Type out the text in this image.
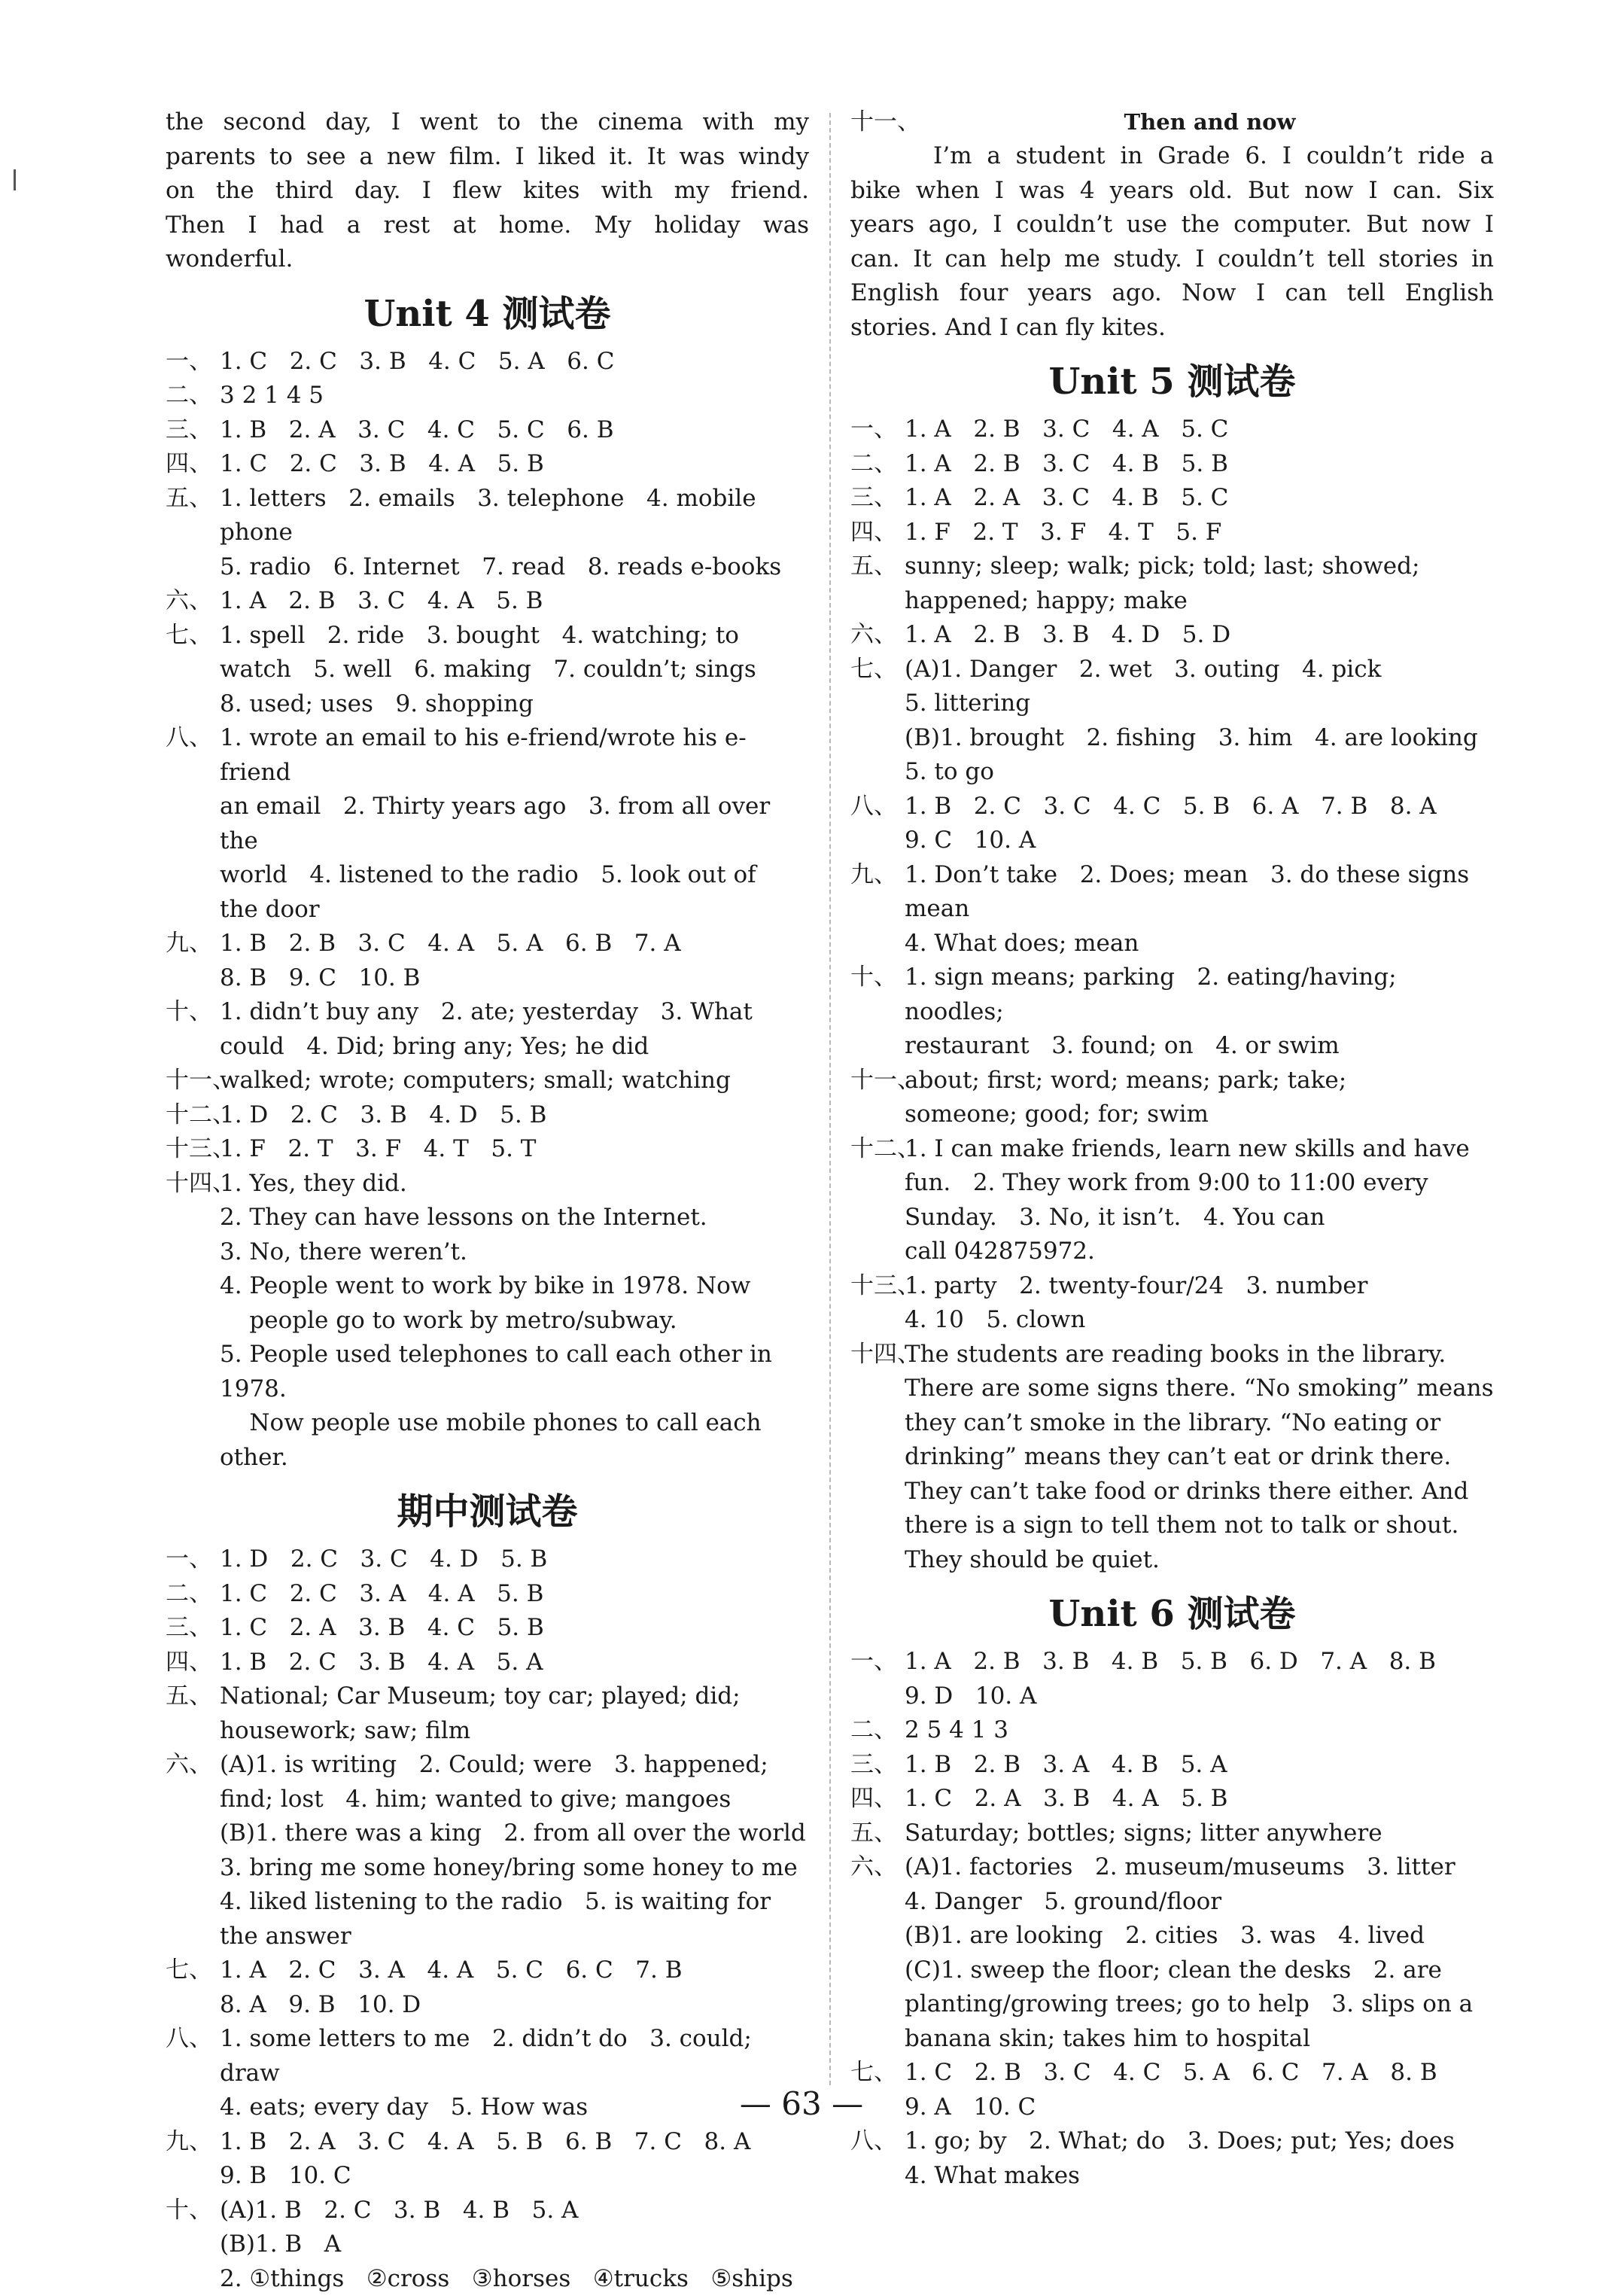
the second day, I went to the cinema with my
parents to see a new film. I liked it. It was windy
on the third day. I flew kites with my friend.
Then I had a rest at home. My holiday was
wonderful.
Unit 4 测试卷
一、 1. C   2. C   3. B   4. C   5. A   6. C
二、 3 2 1 4 5
三、 1. B   2. A   3. C   4. C   5. C   6. B
四、 1. C   2. C   3. B   4. A   5. B
五、 1. letters   2. emails   3. telephone   4. mobile phone
5. radio   6. Internet   7. read   8. reads e-books
六、 1. A   2. B   3. C   4. A   5. B
七、 1. spell   2. ride   3. bought   4. watching; to
watch   5. well   6. making   7. couldn’t; sings
8. used; uses   9. shopping
八、 1. wrote an email to his e-friend/wrote his e-friend
an email   2. Thirty years ago   3. from all over the
world   4. listened to the radio   5. look out of
the door
九、 1. B   2. B   3. C   4. A   5. A   6. B   7. A
8. B   9. C   10. B
十、 1. didn’t buy any   2. ate; yesterday   3. What
could   4. Did; bring any; Yes; he did
十一、
walked; wrote; computers; small; watching
十二、
1. D   2. C   3. B   4. D   5. B
十三、
1. F   2. T   3. F   4. T   5. T
十四、
1. Yes, they did.
2. They can have lessons on the Internet.
3. No, there weren’t.
4. People went to work by bike in 1978. Now
people go to work by metro/subway.
5. People used telephones to call each other in 1978.
Now people use mobile phones to call each other.
期中测试卷
一、 1. D   2. C   3. C   4. D   5. B
二、 1. C   2. C   3. A   4. A   5. B
三、 1. C   2. A   3. B   4. C   5. B
四、 1. B   2. C   3. B   4. A   5. A
五、 National; Car Museum; toy car; played; did;
housework; saw; film
六、 (A)1. is writing   2. Could; were   3. happened;
find; lost   4. him; wanted to give; mangoes
(B)1. there was a king   2. from all over the world
3. bring me some honey/bring some honey to me
4. liked listening to the radio   5. is waiting for
the answer
七、 1. A   2. C   3. A   4. A   5. C   6. C   7. B
8. A   9. B   10. D
八、 1. some letters to me   2. didn’t do   3. could; draw
4. eats; every day   5. How was
九、 1. B   2. A   3. C   4. A   5. B   6. B   7. C   8. A
9. B   10. C
十、 (A)1. B   2. C   3. B   4. B   5. A
(B)1. B   A
2. ①things   ②cross   ③horses   ④trucks   ⑤ships
十一、	Then and now
I’m a student in Grade 6. I couldn’t ride a
bike when I was 4 years old. But now I can. Six
years ago, I couldn’t use the computer. But now I
can. It can help me study. I couldn’t tell stories in
English four years ago. Now I can tell English
stories. And I can fly kites.
Unit 5 测试卷
一、 1. A   2. B   3. C   4. A   5. C
二、 1. A   2. B   3. C   4. B   5. B
三、 1. A   2. A   3. C   4. B   5. C
四、 1. F   2. T   3. F   4. T   5. F
五、 sunny; sleep; walk; pick; told; last; showed;
happened; happy; make
六、 1. A   2. B   3. B   4. D   5. D
七、 (A)1. Danger   2. wet   3. outing   4. pick
5. littering
(B)1. brought   2. fishing   3. him   4. are looking
5. to go
八、 1. B   2. C   3. C   4. C   5. B   6. A   7. B   8. A
9. C   10. A
九、 1. Don’t take   2. Does; mean   3. do these signs mean
4. What does; mean
十、 1. sign means; parking   2. eating/having; noodles;
restaurant   3. found; on   4. or swim
十一、
about; first; word; means; park; take;
someone; good; for; swim
十二、
1. I can make friends, learn new skills and have
fun.   2. They work from 9:00 to 11:00 every
Sunday.   3. No, it isn’t.   4. You can
call 042875972.
十三、
1. party   2. twenty-four/24   3. number
4. 10   5. clown
十四、
The students are reading books in the library.
There are some signs there. “No smoking” means
they can’t smoke in the library. “No eating or
drinking” means they can’t eat or drink there.
They can’t take food or drinks there either. And
there is a sign to tell them not to talk or shout.
They should be quiet.
Unit 6 测试卷
一、 1. A   2. B   3. B   4. B   5. B   6. D   7. A   8. B
9. D   10. A
二、 2 5 4 1 3
三、 1. B   2. B   3. A   4. B   5. A
四、 1. C   2. A   3. B   4. A   5. B
五、 Saturday; bottles; signs; litter anywhere
六、 (A)1. factories   2. museum/museums   3. litter
4. Danger   5. ground/floor
(B)1. are looking   2. cities   3. was   4. lived
(C)1. sweep the floor; clean the desks   2. are
planting/growing trees; go to help   3. slips on a
banana skin; takes him to hospital
七、 1. C   2. B   3. C   4. C   5. A   6. C   7. A   8. B
9. A   10. C
八、 1. go; by   2. What; do   3. Does; put; Yes; does
4. What makes
— 63 —
